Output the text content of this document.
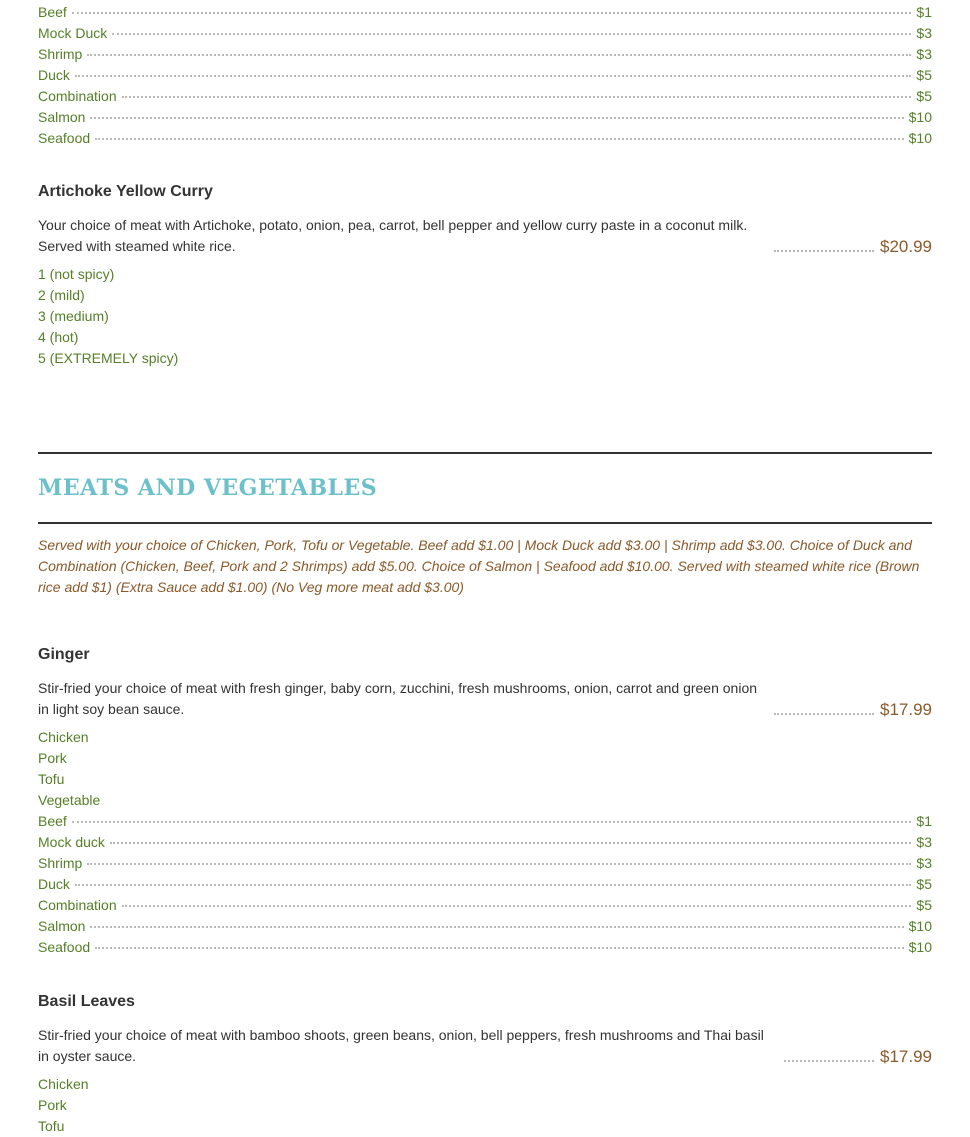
Beef	$1
Mock Duck	$3
Shrimp	$3
Duck	$5
Combination	$5
Salmon	$10
Seafood	$10
Artichoke Yellow Curry
Your choice of meat with Artichoke, potato, onion, pea, carrot, bell pepper and yellow curry paste in a coconut milk. Served with steamed white rice.	$20.99
1 (not spicy)
2 (mild)
3 (medium)
4 (hot)
5 (EXTREMELY spicy)
MEATS AND VEGETABLES

Served with your choice of Chicken, Pork, Tofu or Vegetable. Beef add $1.00 | Mock Duck add $3.00 | Shrimp add $3.00. Choice of Duck and Combination (Chicken, Beef, Pork and 2 Shrimps) add $5.00. Choice of Salmon | Seafood add $10.00. Served with steamed white rice (Brown rice add $1) (Extra Sauce add $1.00) (No Veg more meat add $3.00)

Ginger
Stir-fried your choice of meat with fresh ginger, baby corn, zucchini, fresh mushrooms, onion, carrot and green onion in light soy bean sauce.	$17.99
Chicken
Pork
Tofu
Vegetable
Beef	$1
Mock duck	$3
Shrimp	$3
Duck	$5
Combination	$5
Salmon	$10
Seafood	$10
Basil Leaves
Stir-fried your choice of meat with bamboo shoots, green beans, onion, bell peppers, fresh mushrooms and Thai basil in oyster sauce.	$17.99
Chicken
Pork
Tofu
